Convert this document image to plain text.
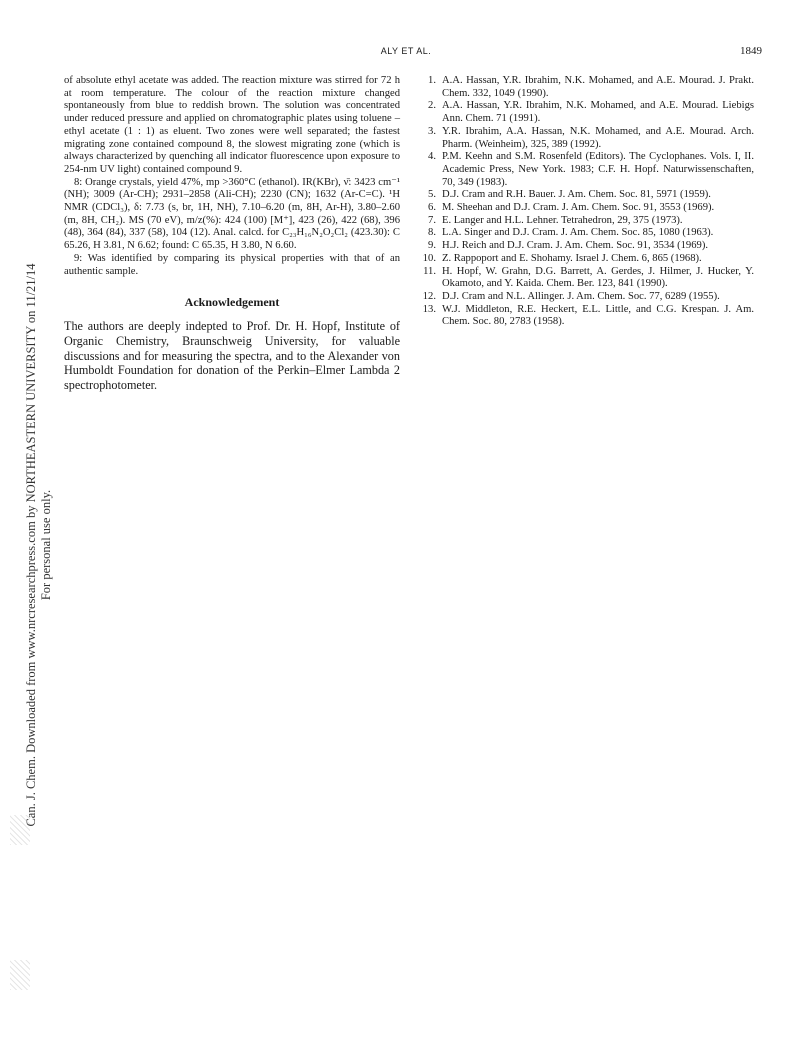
ALY ET AL.	1849

of absolute ethyl acetate was added. The reaction mixture was stirred for 72 h at room temperature. The colour of the reaction mixture changed spontaneously from blue to reddish brown. The solution was concentrated under reduced pressure and applied on chromatographic plates using toluene – ethyl acetate (1 : 1) as eluent. Two zones were well separated; the fastest migrating zone contained compound 8, the slowest migrating zone (which is always characterized by quenching all indicator fluorescence upon exposure to 254-nm UV light) contained compound 9.

8: Orange crystals, yield 47%, mp >360°C (ethanol). IR(KBr), ν̄: 3423 cm⁻¹ (NH); 3009 (Ar-CH); 2931–2858 (Ali-CH); 2230 (CN); 1632 (Ar-C=C). ¹H NMR (CDCl₃), δ: 7.73 (s, br, 1H, NH), 7.10–6.20 (m, 8H, Ar-H), 3.80–2.60 (m, 8H, CH₂). MS (70 eV), m/z(%): 424 (100) [M⁺], 423 (26), 422 (68), 396 (48), 364 (84), 337 (58), 104 (12). Anal. calcd. for C₂₃H₁₆N₂O₂Cl₂ (423.30): C 65.26, H 3.81, N 6.62; found: C 65.35, H 3.80, N 6.60.

9: Was identified by comparing its physical properties with that of an authentic sample.

Acknowledgement

The authors are deeply indepted to Prof. Dr. H. Hopf, Institute of Organic Chemistry, Braunschweig University, for valuable discussions and for measuring the spectra, and to the Alexander von Humboldt Foundation for donation of the Perkin–Elmer Lambda 2 spectrophotometer.

1. A.A. Hassan, Y.R. Ibrahim, N.K. Mohamed, and A.E. Mourad. J. Prakt. Chem. 332, 1049 (1990).
2. A.A. Hassan, Y.R. Ibrahim, N.K. Mohamed, and A.E. Mourad. Liebigs Ann. Chem. 71 (1991).
3. Y.R. Ibrahim, A.A. Hassan, N.K. Mohamed, and A.E. Mourad. Arch. Pharm. (Weinheim), 325, 389 (1992).
4. P.M. Keehn and S.M. Rosenfeld (Editors). The Cyclophanes. Vols. I, II. Academic Press, New York. 1983; C.F. H. Hopf. Naturwissenschaften, 70, 349 (1983).
5. D.J. Cram and R.H. Bauer. J. Am. Chem. Soc. 81, 5971 (1959).
6. M. Sheehan and D.J. Cram. J. Am. Chem. Soc. 91, 3553 (1969).
7. E. Langer and H.L. Lehner. Tetrahedron, 29, 375 (1973).
8. L.A. Singer and D.J. Cram. J. Am. Chem. Soc. 85, 1080 (1963).
9. H.J. Reich and D.J. Cram. J. Am. Chem. Soc. 91, 3534 (1969).
10. Z. Rappoport and E. Shohamy. Israel J. Chem. 6, 865 (1968).
11. H. Hopf, W. Grahn, D.G. Barrett, A. Gerdes, J. Hilmer, J. Hucker, Y. Okamoto, and Y. Kaida. Chem. Ber. 123, 841 (1990).
12. D.J. Cram and N.L. Allinger. J. Am. Chem. Soc. 77, 6289 (1955).
13. W.J. Middleton, R.E. Heckert, E.L. Little, and C.G. Krespan. J. Am. Chem. Soc. 80, 2783 (1958).
Can. J. Chem. Downloaded from www.nrcresearchpress.com by NORTHEASTERN UNIVERSITY on 11/21/14 For personal use only.
